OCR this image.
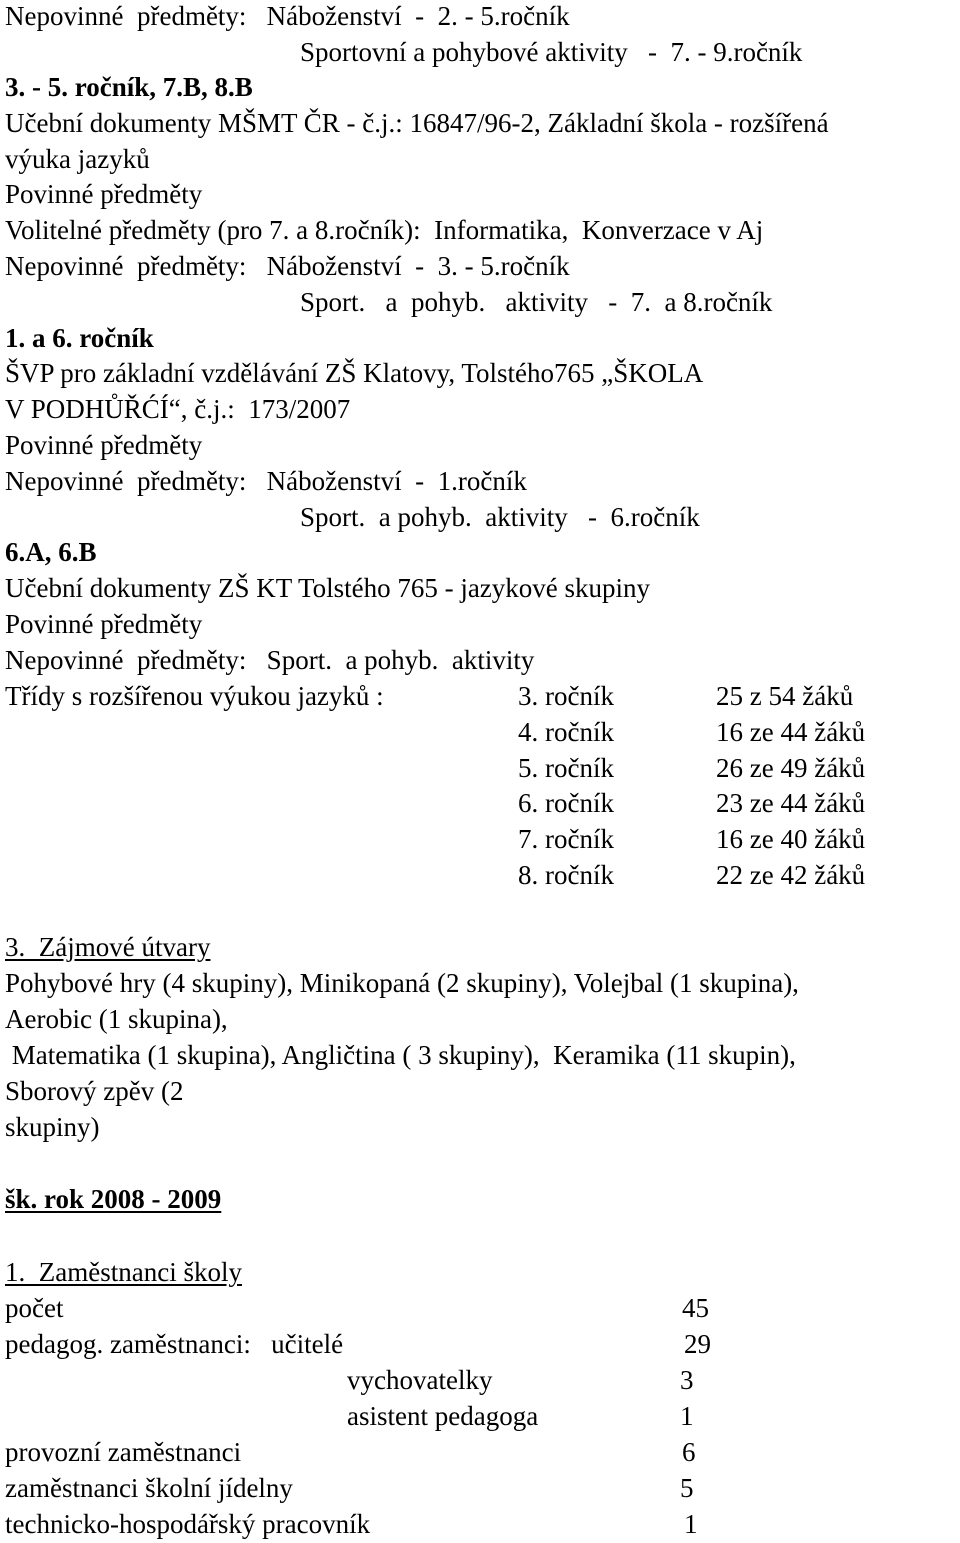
Nepovinné  předměty:   Náboženství  -  2. - 5.ročník
Sportovní a pohybové aktivity   -  7. - 9.ročník
3. - 5. ročník, 7.B, 8.B
Učební dokumenty MŠMT ČR - č.j.: 16847/96-2, Základní škola - rozšířená
výuka jazyků
Povinné předměty
Volitelné předměty (pro 7. a 8.ročník):  Informatika,  Konverzace v Aj
Nepovinné  předměty:   Náboženství  -  3. - 5.ročník
Sport.   a  pohyb.   aktivity   -  7.  a 8.ročník
1. a 6. ročník
ŠVP pro základní vzdělávání ZŠ Klatovy, Tolstého765 „ŠKOLA
V PODHŮŘĆÍ“, č.j.:  173/2007
Povinné předměty
Nepovinné  předměty:   Náboženství  -  1.ročník
Sport.  a pohyb.  aktivity   -  6.ročník
6.A, 6.B
Učební dokumenty ZŠ KT Tolstého 765 - jazykové skupiny
Povinné předměty
Nepovinné  předměty:   Sport.  a pohyb.  aktivity
Třídy s rozšířenou výukou jazyků :	3. ročník	25 z 54 žáků
4. ročník	16 ze 44 žáků
5. ročník	26 ze 49 žáků
6. ročník	23 ze 44 žáků
7. ročník	16 ze 40 žáků
8. ročník	22 ze 42 žáků
3.  Zájmové útvary
Pohybové hry (4 skupiny), Minikopaná (2 skupiny), Volejbal (1 skupina),
Aerobic (1 skupina),
Matematika (1 skupina), Angličtina ( 3 skupiny),  Keramika (11 skupin),
Sborový zpěv (2
skupiny)
šk. rok 2008 - 2009
1.  Zaměstnanci školy
počet	45
pedagog. zaměstnanci:   učitelé	29
vychovatelky	3
asistent pedagoga	1
provozní zaměstnanci	6
zaměstnanci školní jídelny	5
technicko-hospodářský pracovník	1
